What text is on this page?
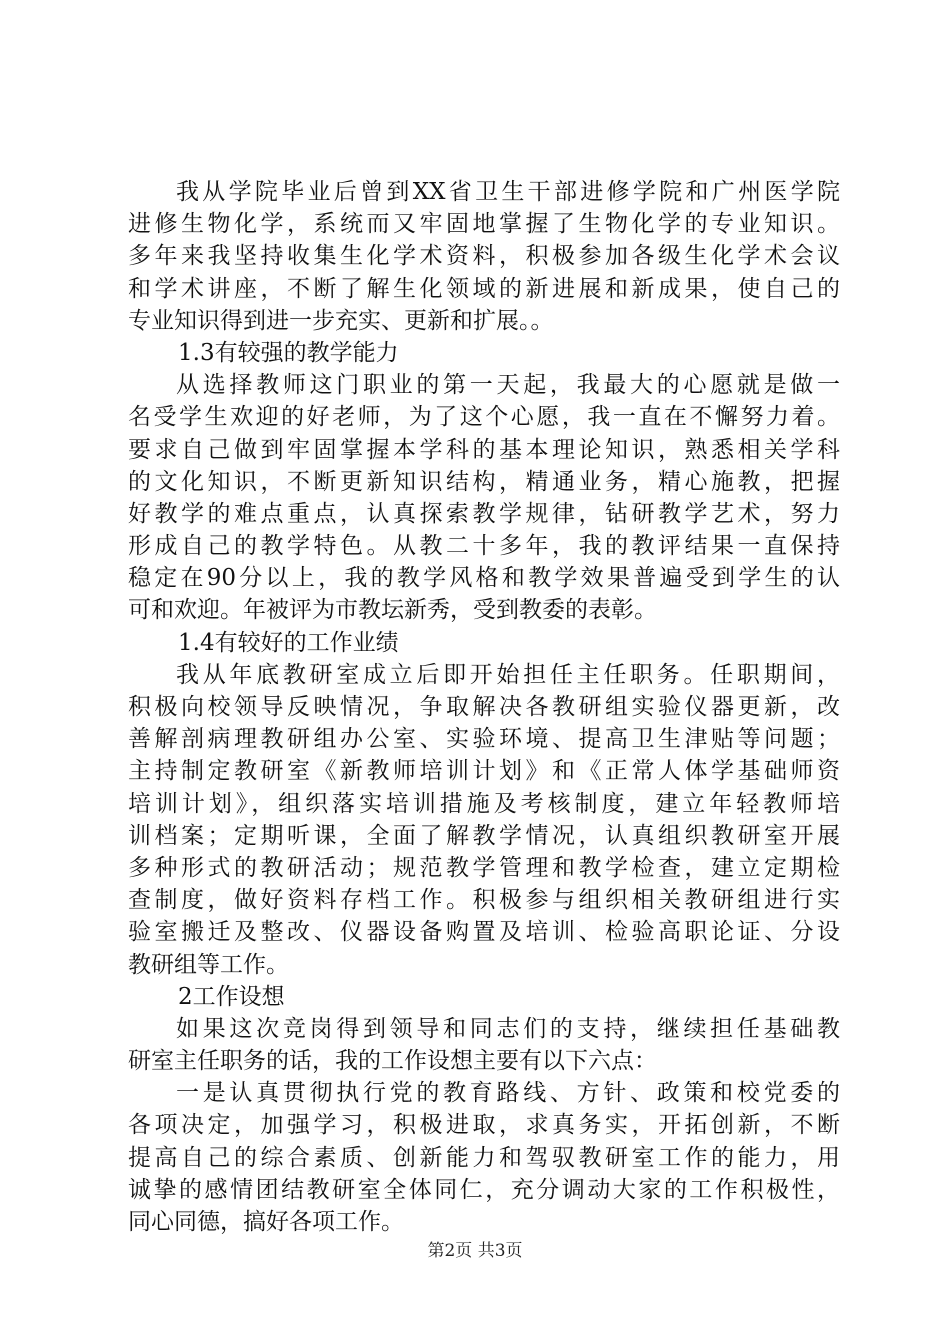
我从学院毕业后曾到XX省卫生干部进修学院和广州医学院
进修生物化学，系统而又牢固地掌握了生物化学的专业知识。
多年来我坚持收集生化学术资料，积极参加各级生化学术会议
和学术讲座，不断了解生化领域的新进展和新成果，使自己的
专业知识得到进一步充实、更新和扩展。。
1.3有较强的教学能力
从选择教师这门职业的第一天起，我最大的心愿就是做一
名受学生欢迎的好老师，为了这个心愿，我一直在不懈努力着。
要求自己做到牢固掌握本学科的基本理论知识，熟悉相关学科
的文化知识，不断更新知识结构，精通业务，精心施教，把握
好教学的难点重点，认真探索教学规律，钻研教学艺术，努力
形成自己的教学特色。从教二十多年，我的教评结果一直保持
稳定在90分以上，我的教学风格和教学效果普遍受到学生的认
可和欢迎。年被评为市教坛新秀，受到教委的表彰。
1.4有较好的工作业绩
我从年底教研室成立后即开始担任主任职务。任职期间，
积极向校领导反映情况，争取解决各教研组实验仪器更新，改
善解剖病理教研组办公室、实验环境、提高卫生津贴等问题；
主持制定教研室《新教师培训计划》和《正常人体学基础师资
培训计划》，组织落实培训措施及考核制度，建立年轻教师培
训档案；定期听课，全面了解教学情况，认真组织教研室开展
多种形式的教研活动；规范教学管理和教学检查，建立定期检
查制度，做好资料存档工作。积极参与组织相关教研组进行实
验室搬迁及整改、仪器设备购置及培训、检验高职论证、分设
教研组等工作。
2工作设想
如果这次竞岗得到领导和同志们的支持，继续担任基础教
研室主任职务的话，我的工作设想主要有以下六点：
一是认真贯彻执行党的教育路线、方针、政策和校党委的
各项决定，加强学习，积极进取，求真务实，开拓创新，不断
提高自己的综合素质、创新能力和驾驭教研室工作的能力，用
诚挚的感情团结教研室全体同仁，充分调动大家的工作积极性，
同心同德，搞好各项工作。
第2页 共3页
